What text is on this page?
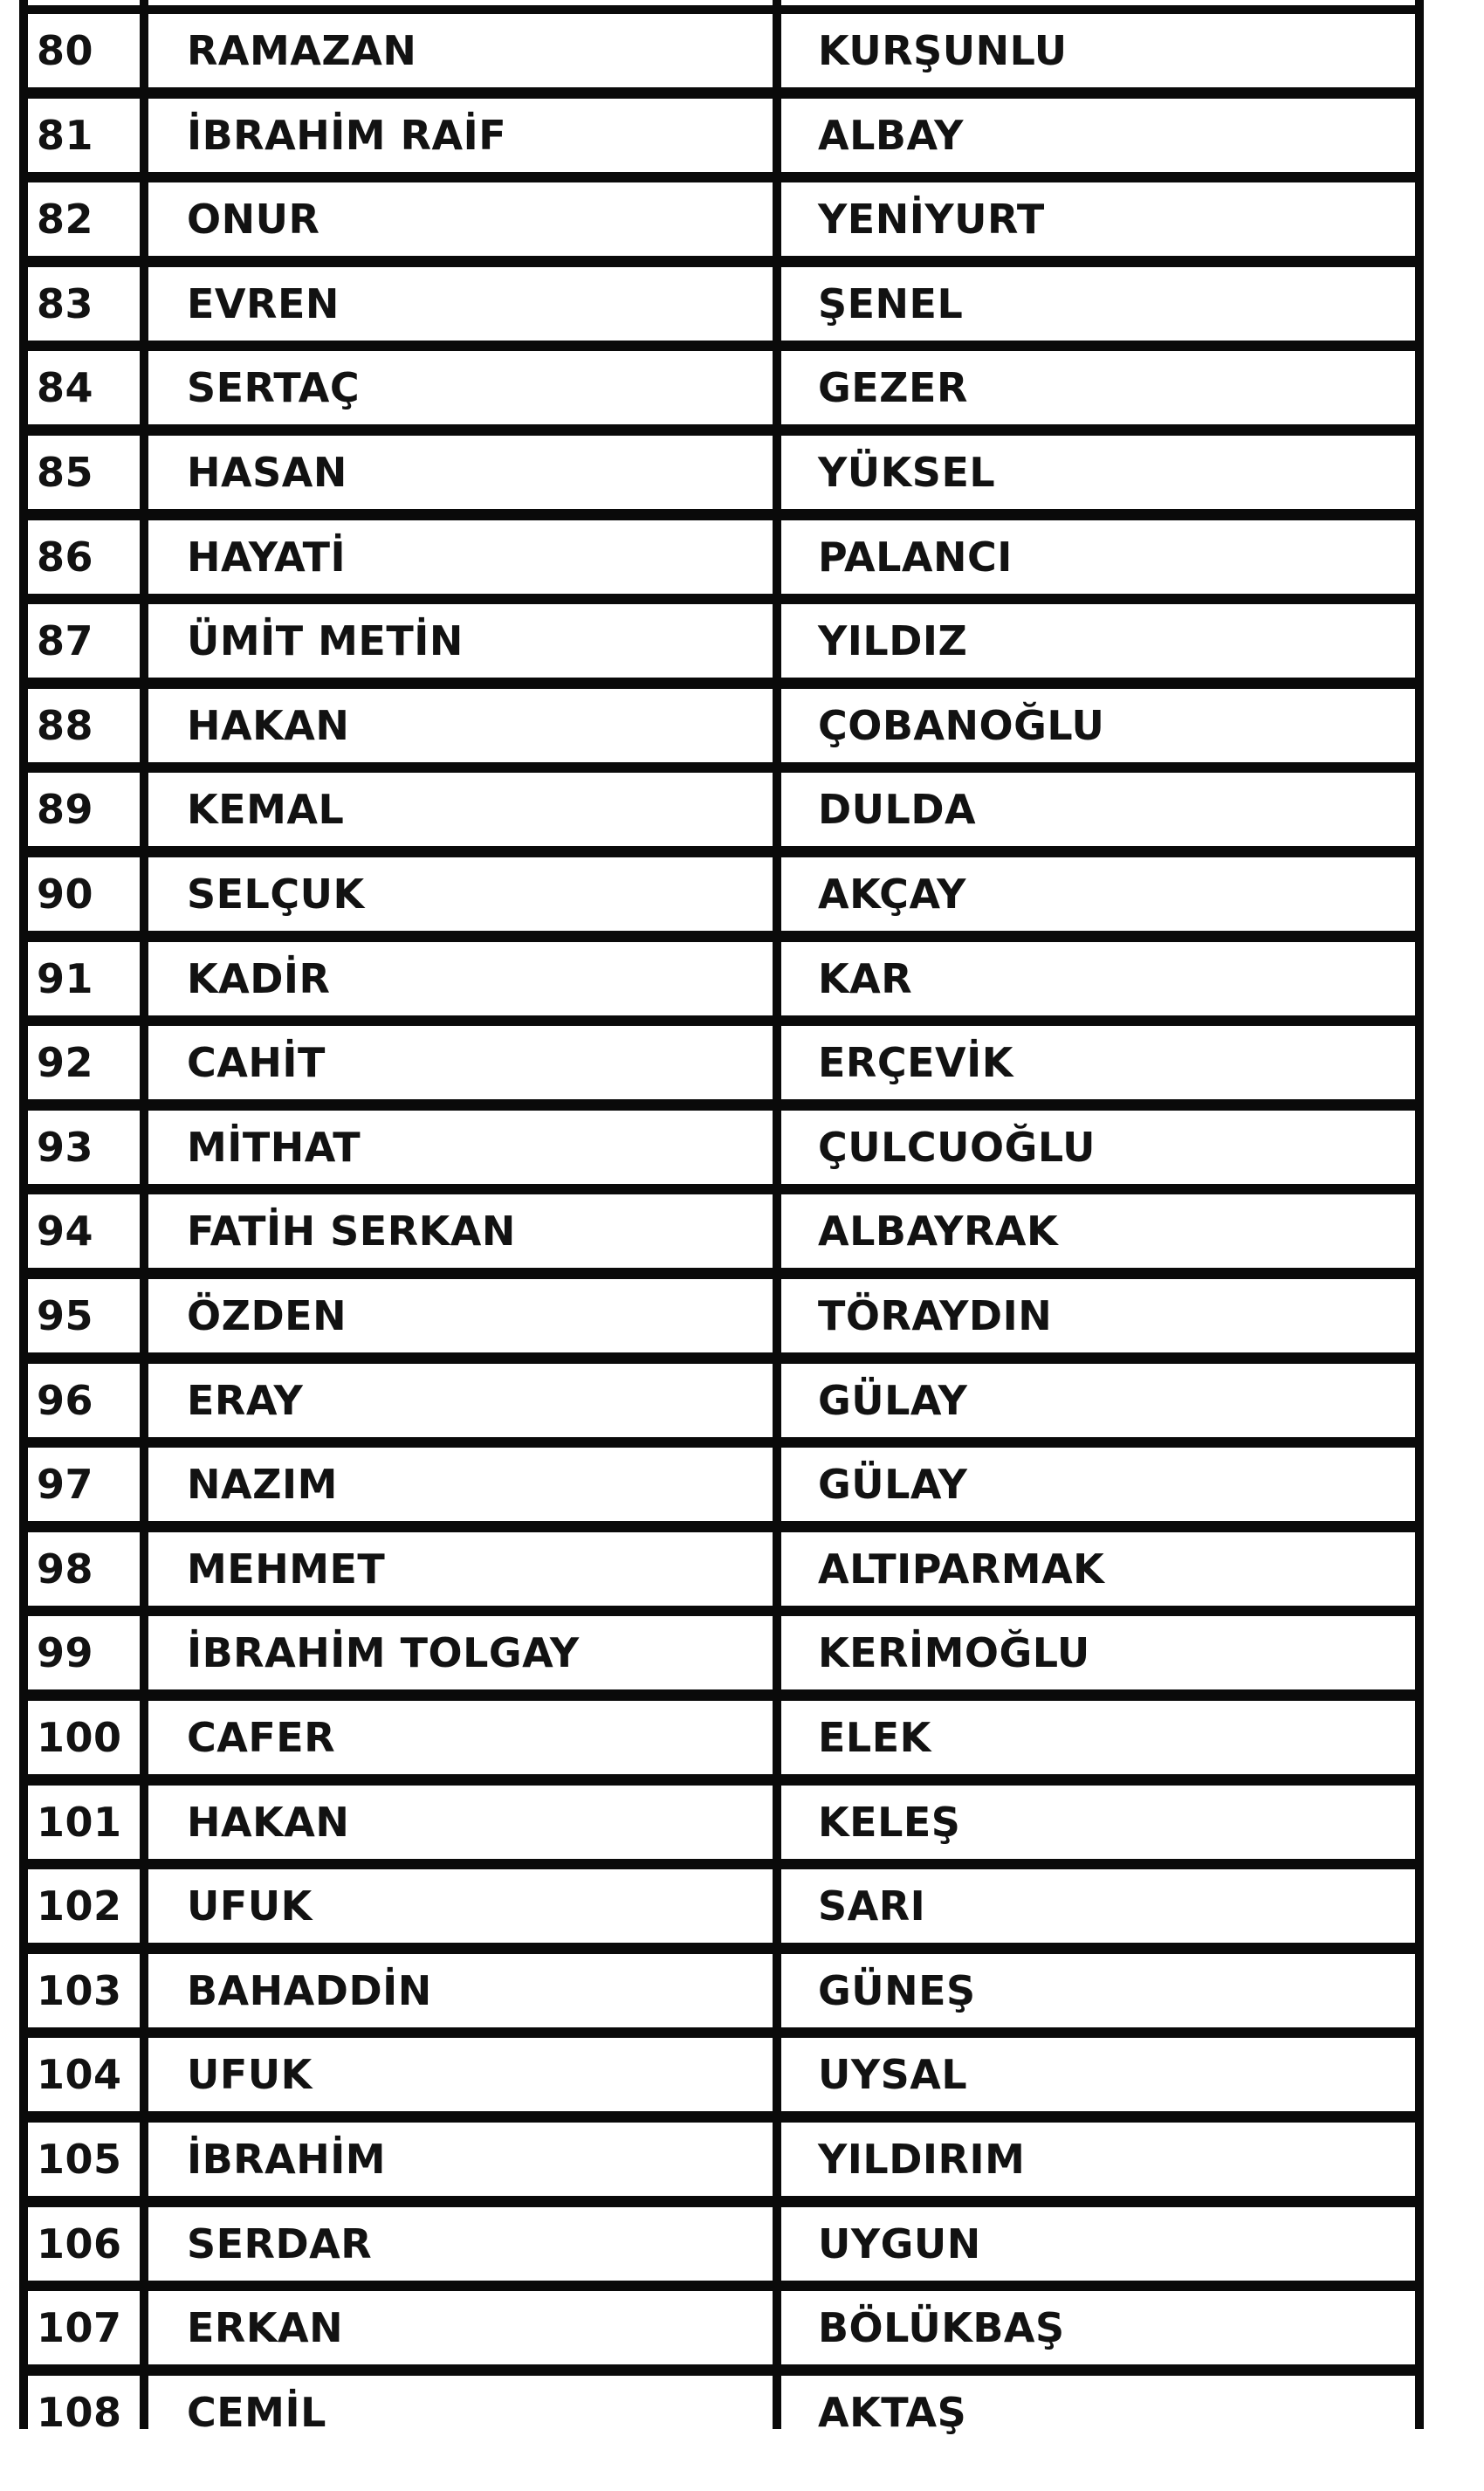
80	RAMAZAN	KURŞUNLU
81	İBRAHİM RAİF	ALBAY
82	ONUR	YENİYURT
83	EVREN	ŞENEL
84	SERTAÇ	GEZER
85	HASAN	YÜKSEL
86	HAYATİ	PALANCI
87	ÜMİT METİN	YILDIZ
88	HAKAN	ÇOBANOĞLU
89	KEMAL	DULDA
90	SELÇUK	AKÇAY
91	KADİR	KAR
92	CAHİT	ERÇEVİK
93	MİTHAT	ÇULCUOĞLU
94	FATİH SERKAN	ALBAYRAK
95	ÖZDEN	TÖRAYDIN
96	ERAY	GÜLAY
97	NAZIM	GÜLAY
98	MEHMET	ALTIPARMAK
99	İBRAHİM TOLGAY	KERİMOĞLU
100	CAFER	ELEK
101	HAKAN	KELEŞ
102	UFUK	SARI
103	BAHADDİN	GÜNEŞ
104	UFUK	UYSAL
105	İBRAHİM	YILDIRIM
106	SERDAR	UYGUN
107	ERKAN	BÖLÜKBAŞ
108	CEMİL	AKTAŞ
